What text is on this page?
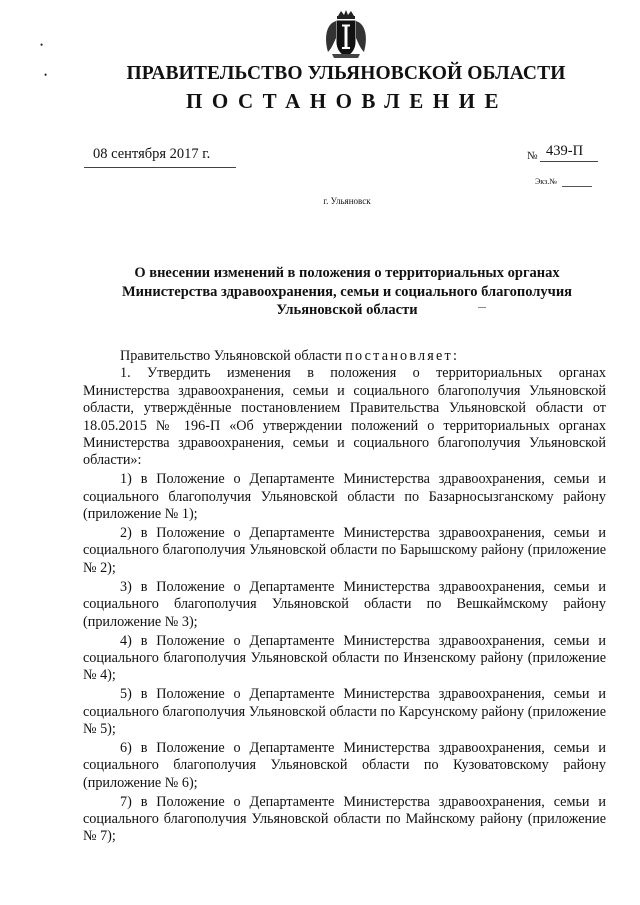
•
•	ПРАВИТЕЛЬСТВО УЛЬЯНОВСКОЙ ОБЛАСТИ
ПОСТАНОВЛЕНИЕ
08 сентября 2017 г.	№ 439-П
Экз.№
г. Ульяновск
О внесении изменений в положения о территориальных органах
Министерства здравоохранения, семьи и социального благополучия
Ульяновской области
Правительство Ульяновской области постановляет:
1. Утвердить изменения в положения о территориальных органах Министерства здравоохранения, семьи и социального благополучия Ульяновской области, утверждённые постановлением Правительства Ульяновской области от 18.05.2015 № 196-П «Об утверждении положений о территориальных органах Министерства здравоохранения, семьи и социального благополучия Ульяновской области»:
1) в Положение о Департаменте Министерства здравоохранения, семьи и социального благополучия Ульяновской области по Базарносызганскому району (приложение № 1);
2) в Положение о Департаменте Министерства здравоохранения, семьи и социального благополучия Ульяновской области по Барышскому району (приложение № 2);
3) в Положение о Департаменте Министерства здравоохранения, семьи и социального благополучия Ульяновской области по Вешкаймскому району (приложение № 3);
4) в Положение о Департаменте Министерства здравоохранения, семьи и социального благополучия Ульяновской области по Инзенскому району (приложение № 4);
5) в Положение о Департаменте Министерства здравоохранения, семьи и социального благополучия Ульяновской области по Карсунскому району (приложение № 5);
6) в Положение о Департаменте Министерства здравоохранения, семьи и социального благополучия Ульяновской области по Кузоватовскому району (приложение № 6);
7) в Положение о Департаменте Министерства здравоохранения, семьи и социального благополучия Ульяновской области по Майнскому району (приложение № 7);
